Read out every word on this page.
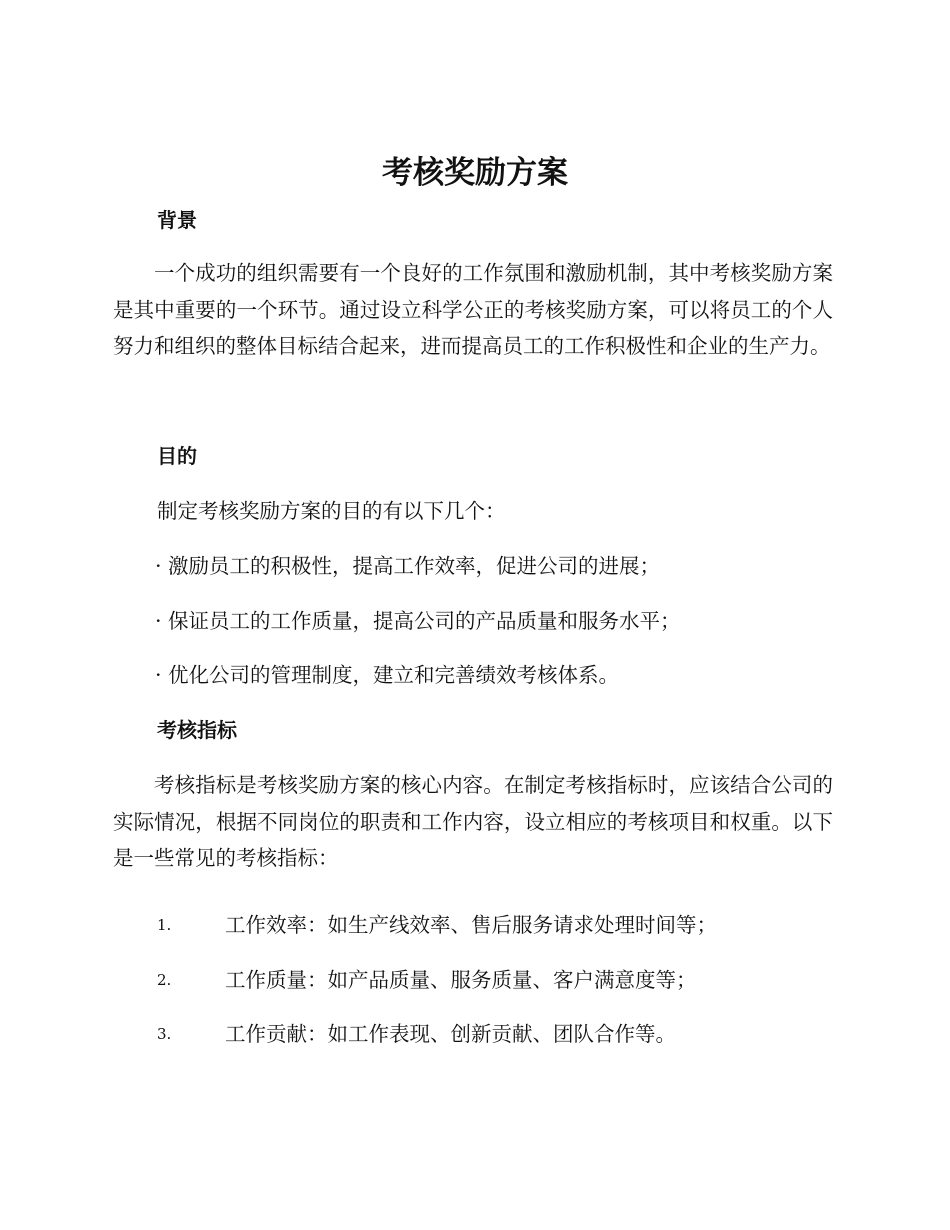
考核奖励方案
背景

一个成功的组织需要有一个良好的工作氛围和激励机制，其中考核奖励方案是其中重要的一个环节。通过设立科学公正的考核奖励方案，可以将员工的个人努力和组织的整体目标结合起来，进而提高员工的工作积极性和企业的生产力。

目的

制定考核奖励方案的目的有以下几个：

· 激励员工的积极性，提高工作效率，促进公司的进展；

· 保证员工的工作质量，提高公司的产品质量和服务水平；

· 优化公司的管理制度，建立和完善绩效考核体系。

考核指标

考核指标是考核奖励方案的核心内容。在制定考核指标时，应该结合公司的实际情况，根据不同岗位的职责和工作内容，设立相应的考核项目和权重。以下是一些常见的考核指标：

1.	工作效率：如生产线效率、售后服务请求处理时间等；
2.	工作质量：如产品质量、服务质量、客户满意度等；
3.	工作贡献：如工作表现、创新贡献、团队合作等。
